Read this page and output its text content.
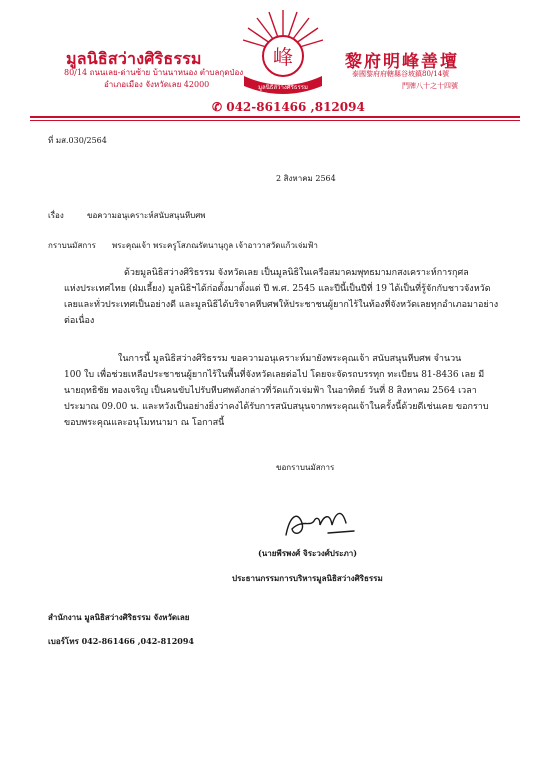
มูลนิธิสว่างศิริธรรม
80/14 ถนนเลย-ด่านซ้าย บ้านนาหนอง ตำบลกุดป่อง
อำเภอเมือง จังหวัดเลย 42000
峰
มูลนิธิสว่างศิริธรรม
黎府明峰善壇
泰國黎府府轄縣谷坡鎮80/14號
門牌八十之十四號
✆ 042-861466 ,812094
ที่ มส.030/2564
2 สิงหาคม 2564
เรื่อง	ขอความอนุเคราะห์สนับสนุนหีบศพ
กราบนมัสการ พระคุณเจ้า พระครูโสภณรัตนานุกูล เจ้าอาวาสวัดแก้วเจ่มฟ้า
ด้วยมูลนิธิสว่างศิริธรรม จังหวัดเลย เป็นมูลนิธิในเครือสมาคมพุทธมามกสงเคราะห์การกุศล
แห่งประเทศไทย (ฝ่มเลี้ยง) มูลนิธิฯได้ก่อตั้งมาตั้งแต่ ปี พ.ศ. 2545 และปีนี้เป็นปีที่ 19 ได้เป็นที่รู้จักกับชาวจังหวัด
เลยและทั่วประเทศเป็นอย่างดี และมูลนิธิได้บริจาคหีบศพให้ประชาชนผู้ยากไร้ในท้องที่จังหวัดเลยทุกอำเภอมาอย่าง
ต่อเนื่อง
ในการนี้ มูลนิธิสว่างศิริธรรม ขอความอนุเคราะห์มายังพระคุณเจ้า สนับสนุนหีบศพ จำนวน
100 ใบ เพื่อช่วยเหลือประชาชนผู้ยากไร้ในพื้นที่จังหวัดเลยต่อไป โดยจะจัดรถบรรทุก ทะเบียน 81-8436 เลย มี
นายฤทธิชัย ทองเจริญ เป็นคนขับไปรับหีบศพดังกล่าวที่วัดแก้วเจ่มฟ้า ในอาทิตย์ วันที่ 8 สิงหาคม 2564 เวลา
ประมาณ 09.00 น. และหวังเป็นอย่างยิ่งว่าคงได้รับการสนับสนุนจากพระคุณเจ้าในครั้งนี้ด้วยดีเช่นเคย ขอกราบ
ขอบพระคุณและอนุโมทนามา ณ โอกาสนี้
ขอกราบนมัสการ
(นายพีรพงศ์ จิระวงศ์ประภา)
ประธานกรรมการบริหารมูลนิธิสว่างศิริธรรม
สำนักงาน มูลนิธิสว่างศิริธรรม จังหวัดเลย
เบอร์โทร 042-861466 ,042-812094
